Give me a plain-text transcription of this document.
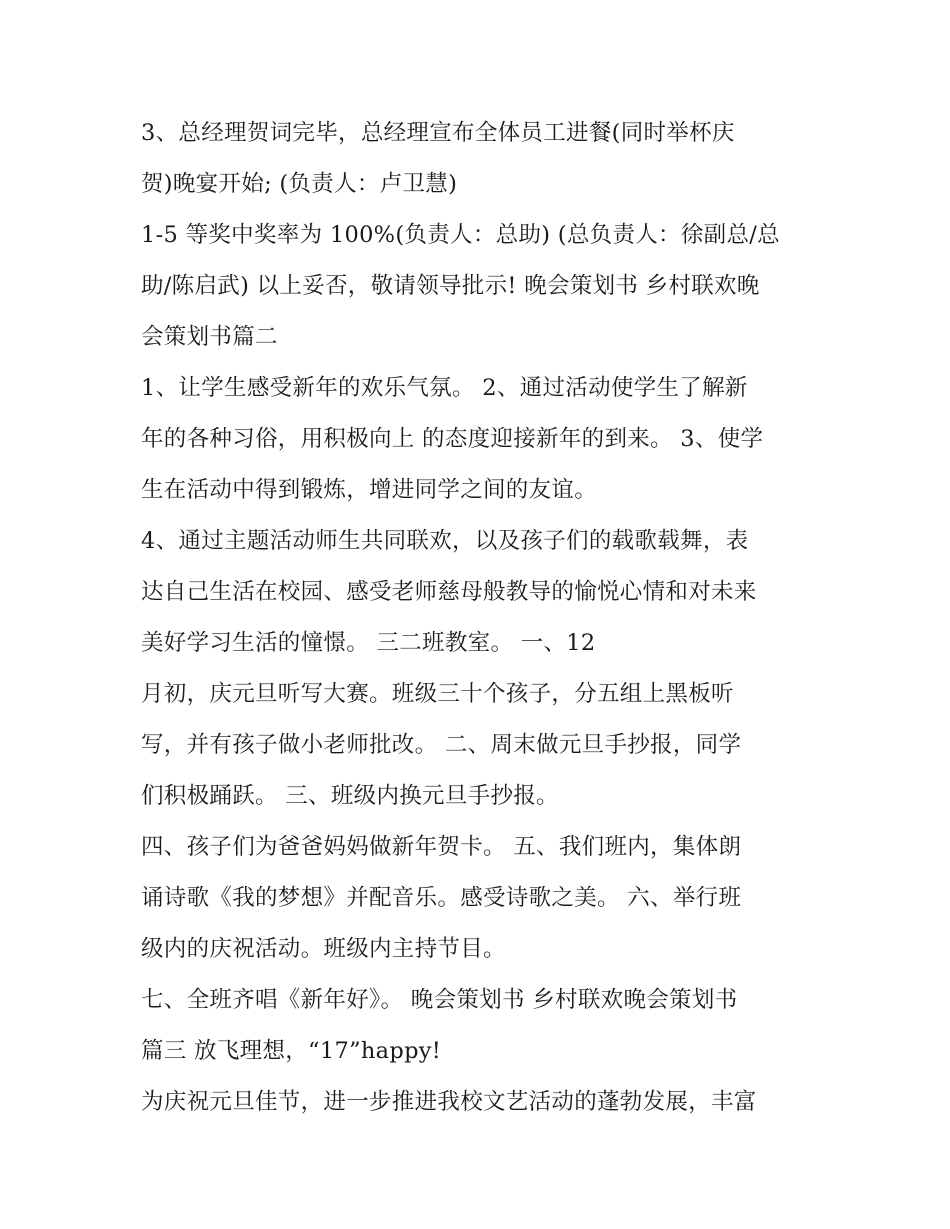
3、总经理贺词完毕，总经理宣布全体员工进餐(同时举杯庆
贺)晚宴开始; (负责人：卢卫慧)
1-5 等奖中奖率为 100%(负责人：总助) (总负责人：徐副总/总
助/陈启武) 以上妥否，敬请领导批示! 晚会策划书 乡村联欢晚
会策划书篇二
1、让学生感受新年的欢乐气氛。 2、通过活动使学生了解新
年的各种习俗，用积极向上 的态度迎接新年的到来。 3、使学
生在活动中得到锻炼，增进同学之间的友谊。
4、通过主题活动师生共同联欢，以及孩子们的载歌载舞，表
达自己生活在校园、感受老师慈母般教导的愉悦心情和对未来
美好学习生活的憧憬。 三二班教室。 一、12
月初，庆元旦听写大赛。班级三十个孩子，分五组上黑板听
写，并有孩子做小老师批改。 二、周末做元旦手抄报，同学
们积极踊跃。 三、班级内换元旦手抄报。
四、孩子们为爸爸妈妈做新年贺卡。 五、我们班内，集体朗
诵诗歌《我的梦想》并配音乐。感受诗歌之美。 六、举行班
级内的庆祝活动。班级内主持节目。
七、全班齐唱《新年好》。 晚会策划书 乡村联欢晚会策划书
篇三 放飞理想，“17”happy!
为庆祝元旦佳节，进一步推进我校文艺活动的蓬勃发展，丰富
